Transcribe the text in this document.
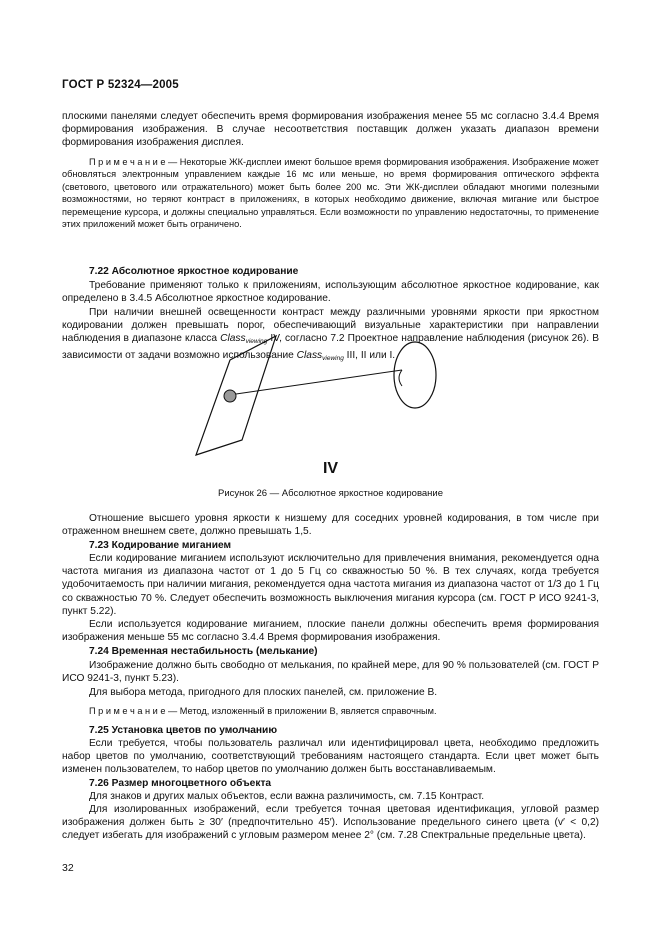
ГОСТ Р 52324—2005
плоскими панелями следует обеспечить время формирования изображения менее 55 мс согласно 3.4.4 Время формирования изображения. В случае несоответствия поставщик должен указать диапазон времени формирования изображения дисплея.
П р и м е ч а н и е — Некоторые ЖК-дисплеи имеют большое время формирования изображения. Изображение может обновляться электронным управлением каждые 16 мс или меньше, но время формирования оптического эффекта (светового, цветового или отражательного) может быть более 200 мс. Эти ЖК-дисплеи обладают многими полезными возможностями, но теряют контраст в приложениях, в которых необходимо движение, включая мигание или быстрое перемещение курсора, и должны специально управляться. Если возможности по управлению недостаточны, то применение этих приложений может быть ограничено.
7.22 Абсолютное яркостное кодирование
Требование применяют только к приложениям, использующим абсолютное яркостное кодирование, как определено в 3.4.5 Абсолютное яркостное кодирование.
При наличии внешней освещенности контраст между различными уровнями яркости при яркостном кодировании должен превышать порог, обеспечивающий визуальные характеристики при направлении наблюдения в диапазоне класса Class$_{viewing}$ IV, согласно 7.2 Проектное направление наблюдения (рисунок 26). В зависимости от задачи возможно использование Class$_{viewing}$ III, II или I.
IV
Рисунок 26 — Абсолютное яркостное кодирование
Отношение высшего уровня яркости к низшему для соседних уровней кодирования, в том числе при отраженном внешнем свете, должно превышать 1,5.
7.23 Кодирование миганием
Если кодирование миганием используют исключительно для привлечения внимания, рекомендуется одна частота мигания из диапазона частот от 1 до 5 Гц со скважностью 50 %. В тех случаях, когда требуется удобочитаемость при наличии мигания, рекомендуется одна частота мигания из диапазона частот от 1/3 до 1 Гц со скважностью 70 %. Следует обеспечить возможность выключения мигания курсора (см. ГОСТ Р ИСО 9241-3, пункт 5.22).
Если используется кодирование миганием, плоские панели должны обеспечить время формирования изображения меньше 55 мс согласно 3.4.4 Время формирования изображения.
7.24 Временная нестабильность (мелькание)
Изображение должно быть свободно от мелькания, по крайней мере, для 90 % пользователей (см. ГОСТ Р ИСО 9241-3, пункт 5.23).
Для выбора метода, пригодного для плоских панелей, см. приложение В.
П р и м е ч а н и е — Метод, изложенный в приложении В, является справочным.
7.25 Установка цветов по умолчанию
Если требуется, чтобы пользователь различал или идентифицировал цвета, необходимо предложить набор цветов по умолчанию, соответствующий требованиям настоящего стандарта. Если цвет может быть изменен пользователем, то набор цветов по умолчанию должен быть восстанавливаемым.
7.26 Размер многоцветного объекта
Для знаков и других малых объектов, если важна различимость, см. 7.15 Контраст.
Для изолированных изображений, если требуется точная цветовая идентификация, угловой размер изображения должен быть ≥ 30′ (предпочтительно 45′). Использование предельного синего цвета (v′ < 0,2) следует избегать для изображений с угловым размером менее 2° (см. 7.28 Спектральные предельные цвета).
32
